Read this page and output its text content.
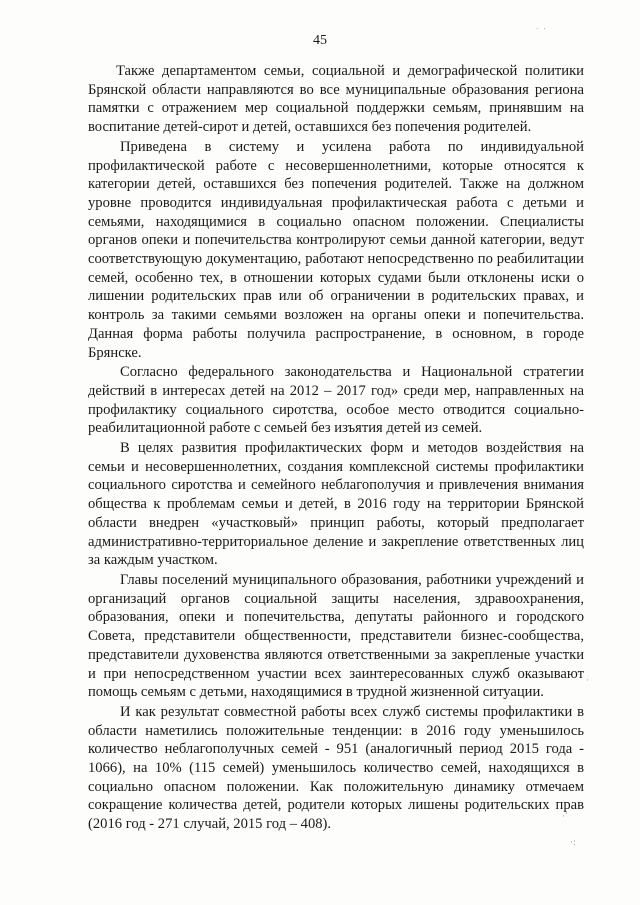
45

Также департаментом семьи, социальной и демографической политики Брянской области направляются во все муниципальные образования региона памятки с отражением мер социальной поддержки семьям, принявшим на воспитание детей-сирот и детей, оставшихся без попечения родителей.

Приведена в систему и усилена работа по индивидуальной профилактической работе с несовершеннолетними, которые относятся к категории детей, оставшихся без попечения родителей. Также на должном уровне проводится индивидуальная профилактическая работа с детьми и семьями, находящимися в социально опасном положении. Специалисты органов опеки и попечительства контролируют семьи данной категории, ведут соответствующую документацию, работают непосредственно по реабилитации семей, особенно тех, в отношении которых судами были отклонены иски о лишении родительских прав или об ограничении в родительских правах, и контроль за такими семьями возложен на органы опеки и попечительства. Данная форма работы получила распространение, в основном, в городе Брянске.

Согласно федерального законодательства и Национальной стратегии действий в интересах детей на 2012 – 2017 год» среди мер, направленных на профилактику социального сиротства, особое место отводится социально-реабилитационной работе с семьей без изъятия детей из семей.

В целях развития профилактических форм и методов воздействия на семьи и несовершеннолетних, создания комплексной системы профилактики социального сиротства и семейного неблагополучия и привлечения внимания общества к проблемам семьи и детей, в 2016 году на территории Брянской области внедрен «участковый» принцип работы, который предполагает административно-территориальное деление и закрепление ответственных лиц за каждым участком.

Главы поселений муниципального образования, работники учреждений и организаций органов социальной защиты населения, здравоохранения, образования, опеки и попечительства, депутаты районного и городского Совета, представители общественности, представители бизнес-сообщества, представители духовенства являются ответственными за закрепленые участки и при непосредственном участии всех заинтересованных служб оказывают помощь семьям с детьми, находящимися в трудной жизненной ситуации.

И как результат совместной работы всех служб системы профилактики в области наметились положительные тенденции: в 2016 году уменьшилось количество неблагополучных семей - 951 (аналогичный период 2015 года - 1066), на 10% (115 семей) уменьшилось количество семей, находящихся в социально опасном положении. Как положительную динамику отмечаем сокращение количества детей, родители которых лишены родительских прав (2016 год - 271 случай, 2015 год – 408).

˙ ˙
·
·ʼ
·:
